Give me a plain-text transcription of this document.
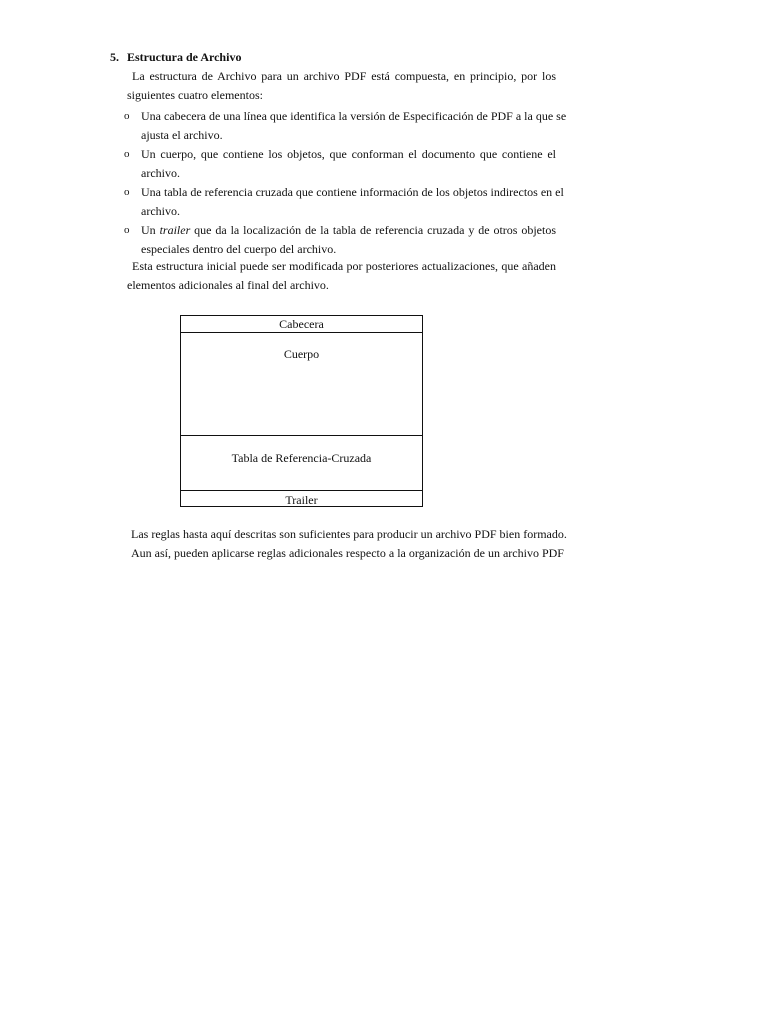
5. Estructura de Archivo
La estructura de Archivo para un archivo PDF está compuesta, en principio, por los
siguientes cuatro elementos:
o Una cabecera de una línea que identifica la versión de Especificación de PDF a la que se
ajusta el archivo.
o Un cuerpo, que contiene los objetos, que conforman el documento que contiene el
archivo.
o Una tabla de referencia cruzada que contiene información de los objetos indirectos en el
archivo.
o Un trailer que da la localización de la tabla de referencia cruzada y de otros objetos
especiales dentro del cuerpo del archivo.
Esta estructura inicial puede ser modificada por posteriores actualizaciones, que añaden
elementos adicionales al final del archivo.
Cabecera
Cuerpo
Tabla de Referencia-Cruzada
Trailer
Las reglas hasta aquí descritas son suficientes para producir un archivo PDF bien formado.
Aun así, pueden aplicarse reglas adicionales respecto a la organización de un archivo PDF
